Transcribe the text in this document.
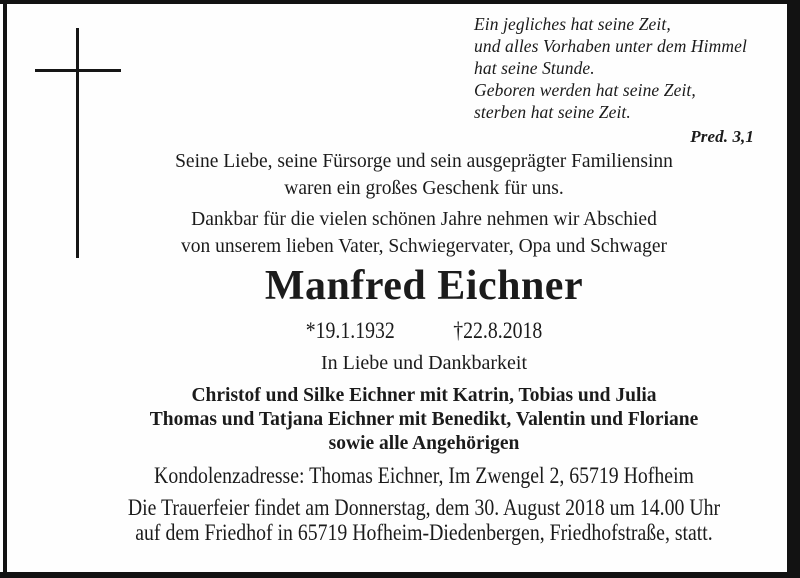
Ein jegliches hat seine Zeit,
und alles Vorhaben unter dem Himmel
hat seine Stunde.
Geboren werden hat seine Zeit,
sterben hat seine Zeit.
Pred. 3,1
Seine Liebe, seine Fürsorge und sein ausgeprägter Familiensinn
waren ein großes Geschenk für uns.
Dankbar für die vielen schönen Jahre nehmen wir Abschied
von unserem lieben Vater, Schwiegervater, Opa und Schwager
Manfred Eichner
*19.1.1932	†22.8.2018
In Liebe und Dankbarkeit
Christof und Silke Eichner mit Katrin, Tobias und Julia
Thomas und Tatjana Eichner mit Benedikt, Valentin und Floriane
sowie alle Angehörigen
Kondolenzadresse: Thomas Eichner, Im Zwengel 2, 65719 Hofheim
Die Trauerfeier findet am Donnerstag, dem 30. August 2018 um 14.00 Uhr
auf dem Friedhof in 65719 Hofheim-Diedenbergen, Friedhofstraße, statt.
